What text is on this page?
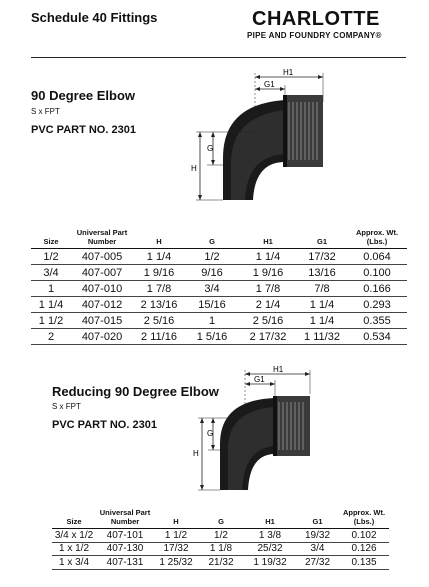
Schedule 40 Fittings	CHARLOTTE
PIPE AND FOUNDRY COMPANY®
90 Degree Elbow
S x FPT
PVC PART NO. 2301
H1
G1
G
H
Size	Universal Part Number	H	G	H1	G1	Approx. Wt. (Lbs.)
1/2	407-005	1 1/4	1/2	1 1/4	17/32	0.064
3/4	407-007	1 9/16	9/16	1 9/16	13/16	0.100
1	407-010	1 7/8	3/4	1 7/8	7/8	0.166
1 1/4	407-012	2 13/16	15/16	2 1/4	1 1/4	0.293
1 1/2	407-015	2 5/16	1	2 5/16	1 1/4	0.355
2	407-020	2 11/16	1 5/16	2 17/32	1 11/32	0.534
Reducing 90 Degree Elbow
S x FPT
PVC PART NO. 2301
H1
G1
G
H
Size	Universal Part Number	H	G	H1	G1	Approx. Wt. (Lbs.)
3/4 x 1/2	407-101	1 1/2	1/2	1 3/8	19/32	0.102
1 x 1/2	407-130	17/32	1 1/8	25/32	3/4	0.126
1 x 3/4	407-131	1 25/32	21/32	1 19/32	27/32	0.135
